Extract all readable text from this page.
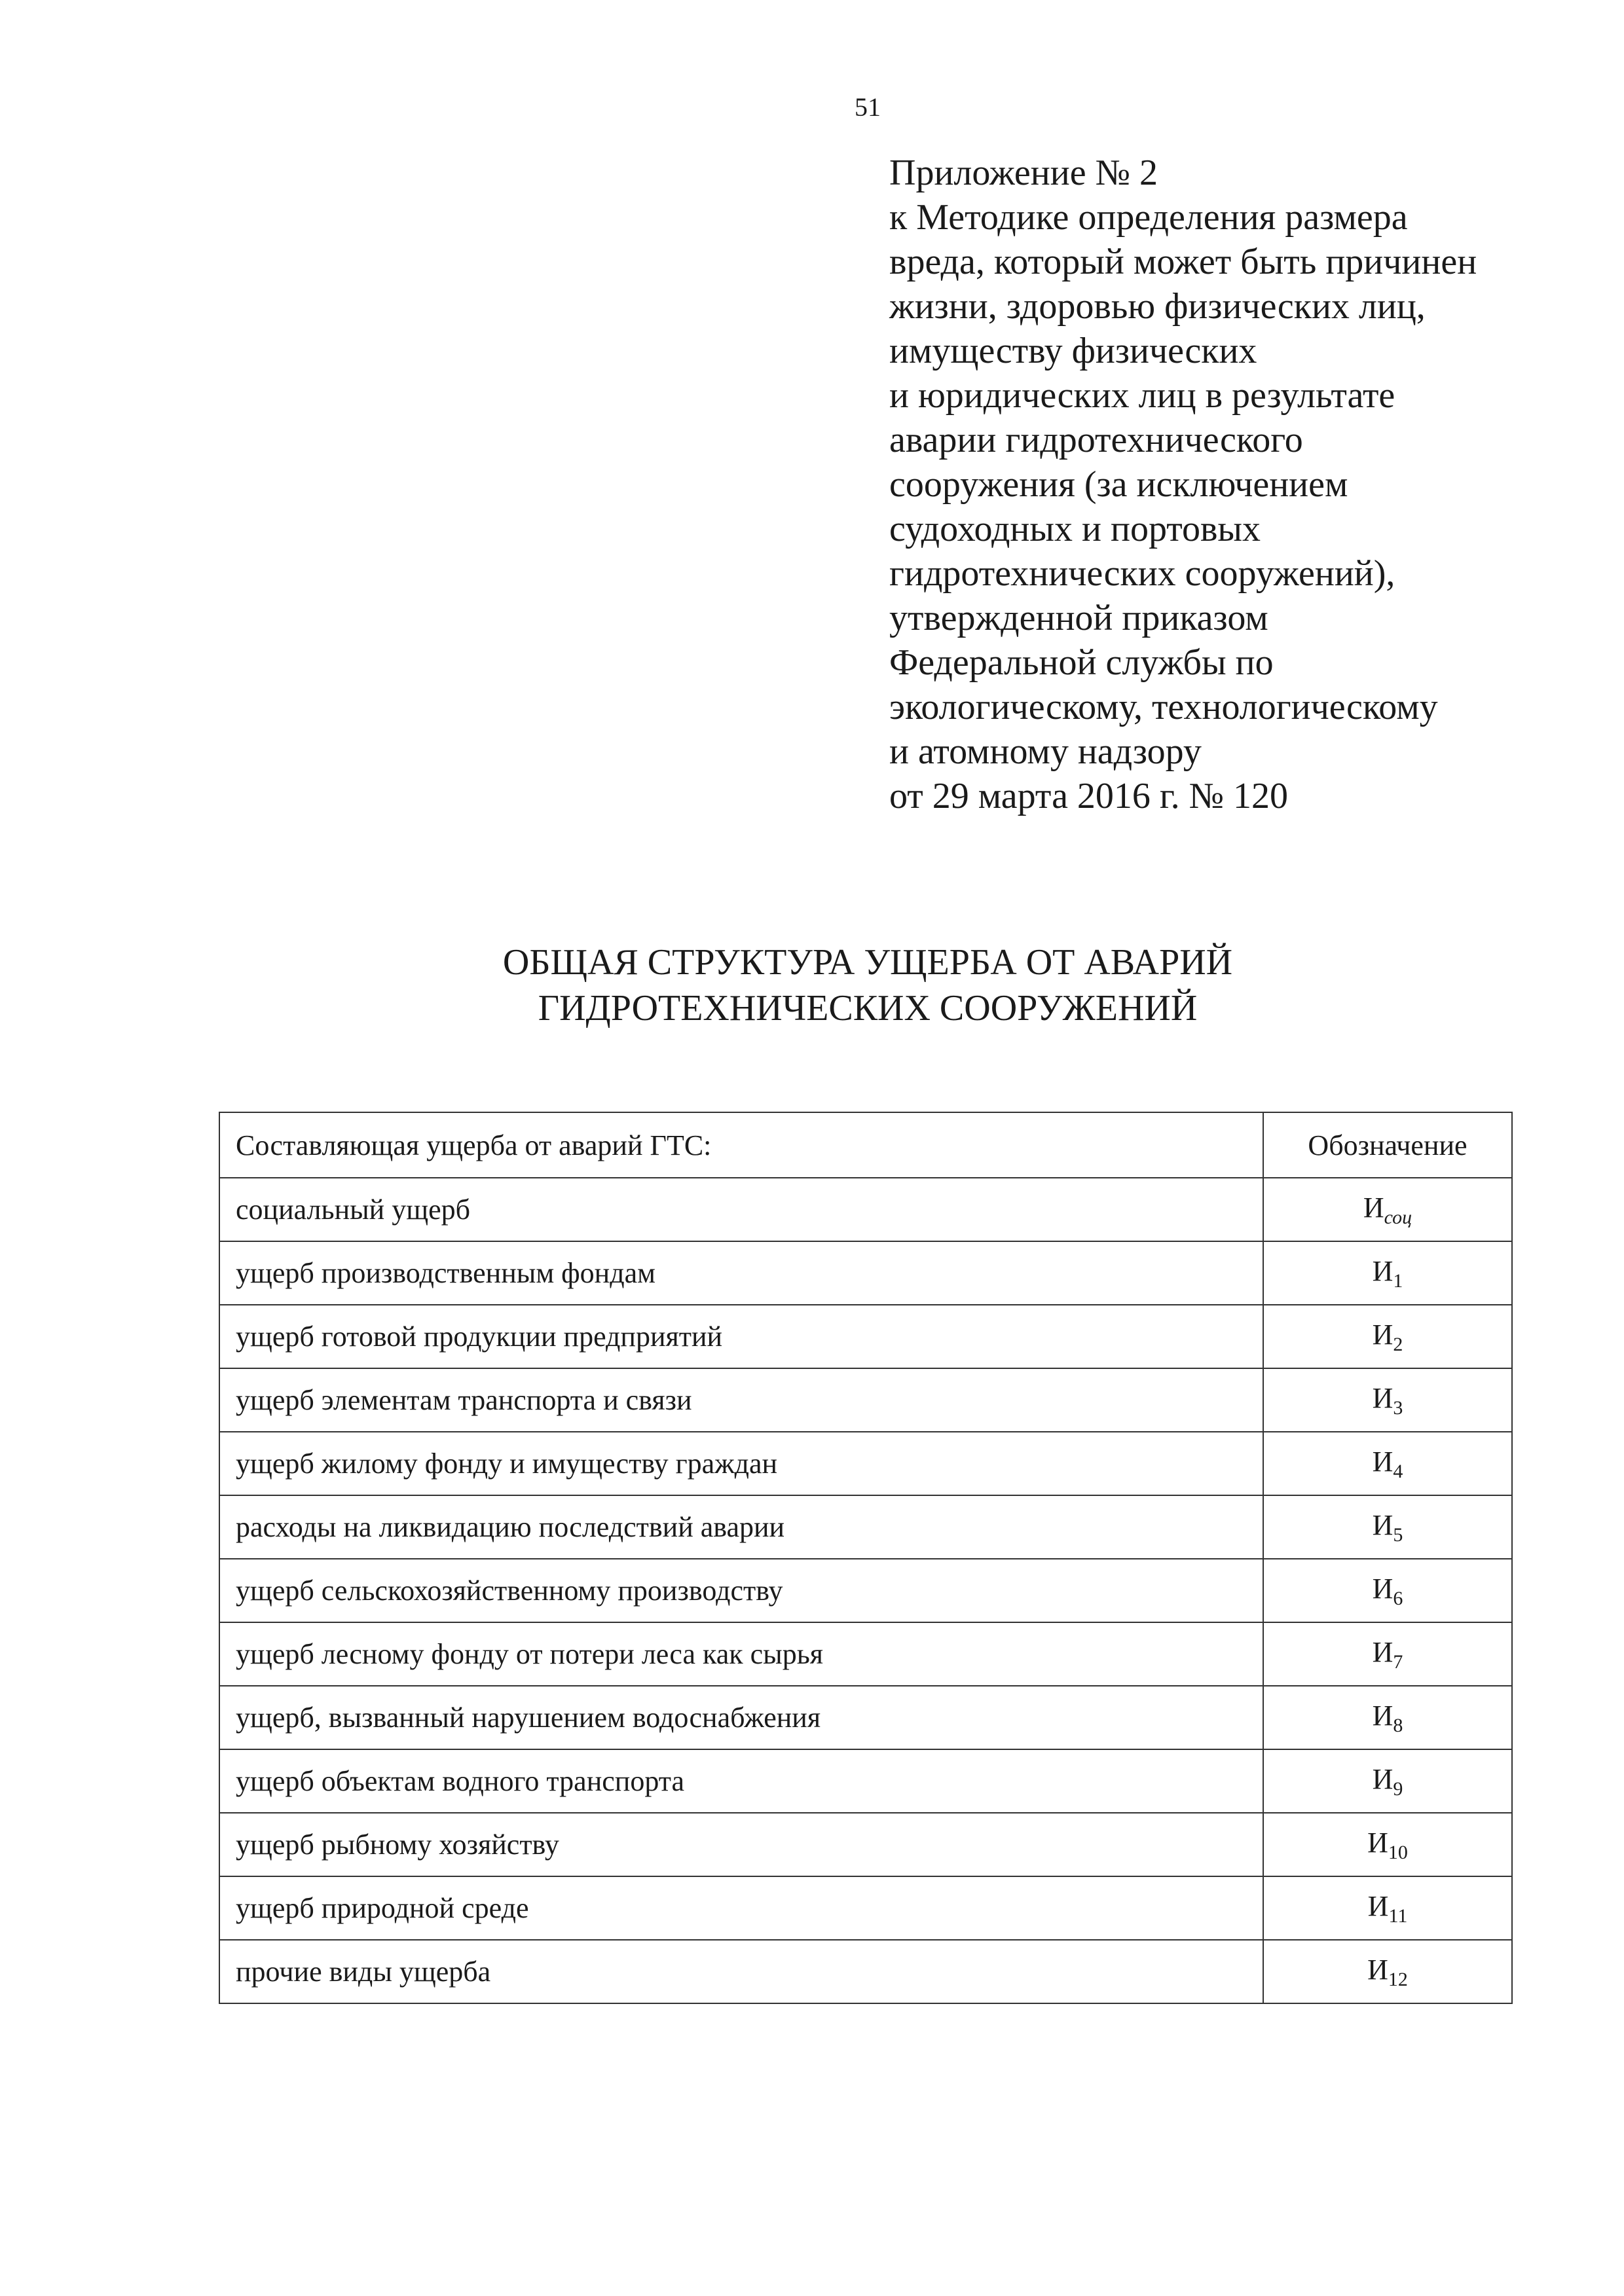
51
Приложение № 2
к Методике определения размера
вреда, который может быть причинен
жизни, здоровью физических лиц,
имуществу физических
и юридических лиц в результате
аварии гидротехнического
сооружения (за исключением
судоходных и портовых
гидротехнических сооружений),
утвержденной приказом
Федеральной службы по
экологическому, технологическому
и атомному надзору
от 29 марта 2016 г. № 120
ОБЩАЯ СТРУКТУРА УЩЕРБА ОТ АВАРИЙ
ГИДРОТЕХНИЧЕСКИХ СООРУЖЕНИЙ
Составляющая ущерба от аварий ГТС:	Обозначение
социальный ущерб	$И_{соц}$
ущерб производственным фондам	$И_1$
ущерб готовой продукции предприятий	$И_2$
ущерб элементам транспорта и связи	$И_3$
ущерб жилому фонду и имуществу граждан	$И_4$
расходы на ликвидацию последствий аварии	$И_5$
ущерб сельскохозяйственному производству	$И_6$
ущерб лесному фонду от потери леса как сырья	$И_7$
ущерб, вызванный нарушением водоснабжения	$И_8$
ущерб объектам водного транспорта	$И_9$
ущерб рыбному хозяйству	$И_{10}$
ущерб природной среде	$И_{11}$
прочие виды ущерба	$И_{12}$
